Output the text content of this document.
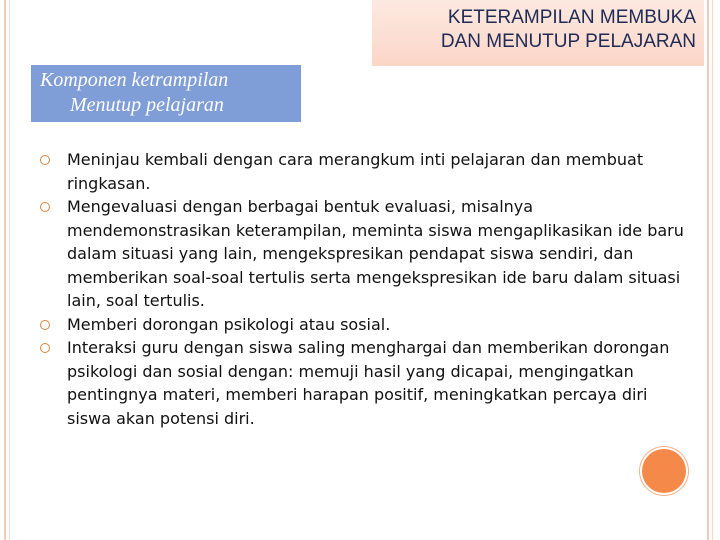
KETERAMPILAN MEMBUKA
DAN MENUTUP PELAJARAN
Komponen ketrampilan
Menutup pelajaran
Meninjau kembali dengan cara merangkum inti pelajaran dan membuat ringkasan.
Mengevaluasi dengan berbagai bentuk evaluasi, misalnya mendemonstrasikan keterampilan, meminta siswa mengaplikasikan ide baru dalam situasi yang lain, mengekspresikan pendapat siswa sendiri, dan memberikan soal-soal tertulis serta mengekspresikan ide baru dalam situasi lain, soal tertulis.
Memberi dorongan psikologi atau sosial.
Interaksi guru dengan siswa saling menghargai dan memberikan dorongan psikologi dan sosial dengan: memuji hasil yang dicapai, mengingatkan pentingnya materi, memberi harapan positif, meningkatkan percaya diri siswa akan potensi diri.
